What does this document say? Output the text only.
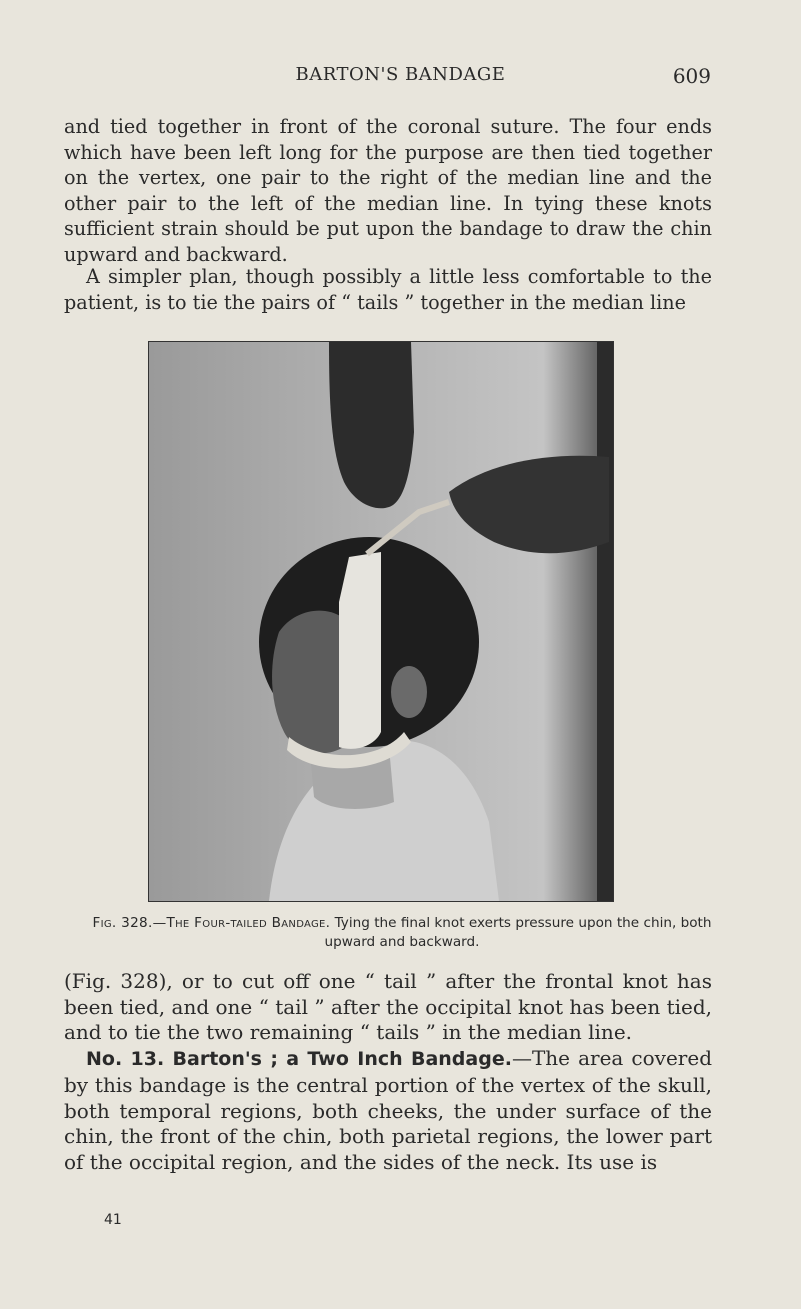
BARTON'S BANDAGE	609

and tied together in front of the coronal suture. The four ends which have been left long for the purpose are then tied together on the vertex, one pair to the right of the median line and the other pair to the left of the median line. In tying these knots sufficient strain should be put upon the bandage to draw the chin upward and backward.

A simpler plan, though possibly a little less comfortable to the patient, is to tie the pairs of “ tails ” together in the median line

Fig. 328.—The Four-tailed Bandage. Tying the final knot exerts pressure upon the chin, both upward and backward.

(Fig. 328), or to cut off one “ tail ” after the frontal knot has been tied, and one “ tail ” after the occipital knot has been tied, and to tie the two remaining “ tails ” in the median line.
No. 13. Barton's ; a Two Inch Bandage.—The area covered by this bandage is the central portion of the vertex of the skull, both temporal regions, both cheeks, the under surface of the chin, the front of the chin, both parietal regions, the lower part of the occipital region, and the sides of the neck. Its use is

41
